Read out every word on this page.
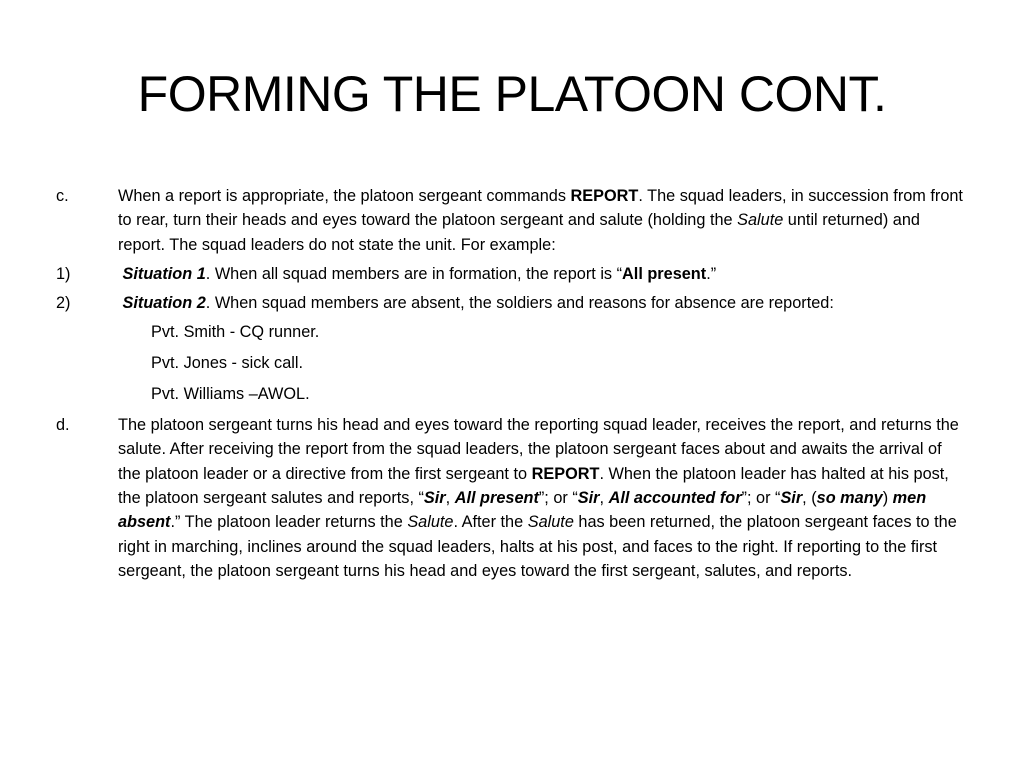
FORMING THE PLATOON CONT.
c.	When a report is appropriate, the platoon sergeant commands REPORT. The squad leaders, in succession from front to rear, turn their heads and eyes toward the platoon sergeant and salute (holding the Salute until returned) and report. The squad leaders do not state the unit. For example:
1)	Situation 1. When all squad members are in formation, the report is “All present.”
2)	Situation 2. When squad members are absent, the soldiers and reasons for absence are reported:
Pvt. Smith - CQ runner.
Pvt. Jones - sick call.
Pvt. Williams –AWOL.
d.	The platoon sergeant turns his head and eyes toward the reporting squad leader, receives the report, and returns the salute. After receiving the report from the squad leaders, the platoon sergeant faces about and awaits the arrival of the platoon leader or a directive from the first sergeant to REPORT. When the platoon leader has halted at his post, the platoon sergeant salutes and reports, “Sir, All present”; or “Sir, All accounted for”; or “Sir, (so many) men absent.” The platoon leader returns the Salute. After the Salute has been returned, the platoon sergeant faces to the right in marching, inclines around the squad leaders, halts at his post, and faces to the right. If reporting to the first sergeant, the platoon sergeant turns his head and eyes toward the first sergeant, salutes, and reports.
